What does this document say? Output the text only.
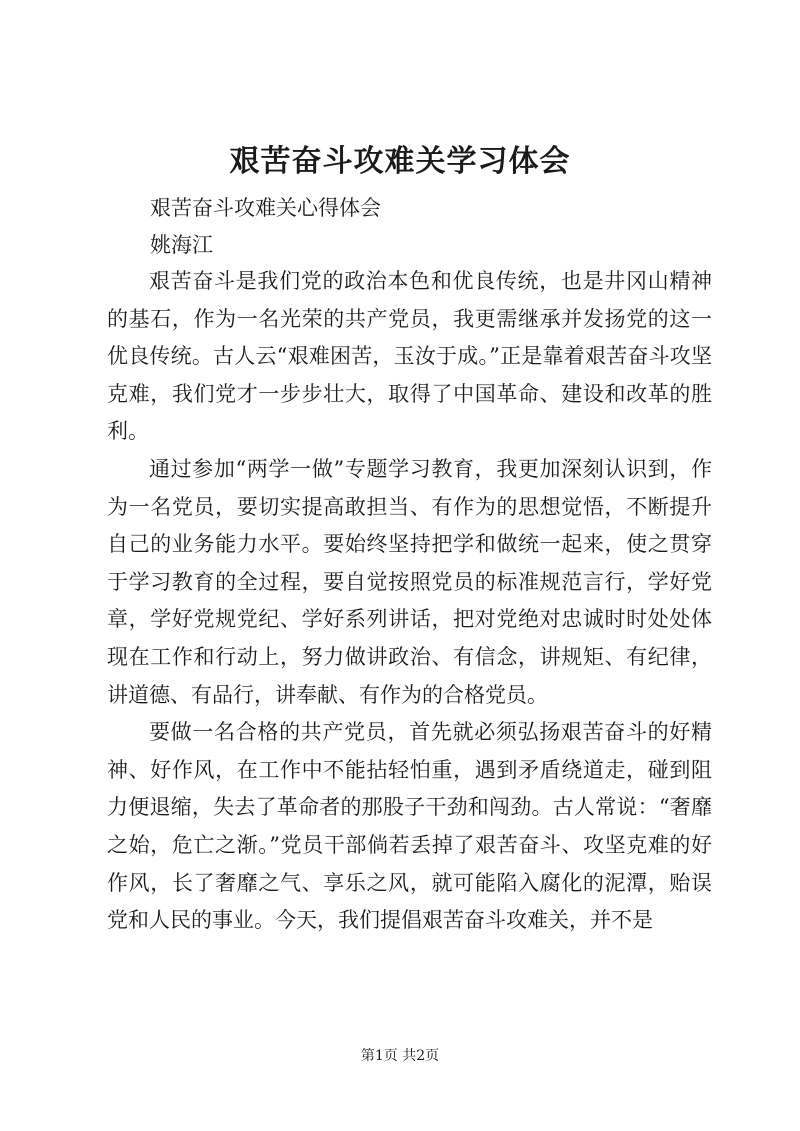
艰苦奋斗攻难关学习体会
艰苦奋斗攻难关心得体会
姚海江

艰苦奋斗是我们党的政治本色和优良传统，也是井冈山精神的基石，作为一名光荣的共产党员，我更需继承并发扬党的这一优良传统。古人云“艰难困苦，玉汝于成。”正是靠着艰苦奋斗攻坚克难，我们党才一步步壮大，取得了中国革命、建设和改革的胜利。

通过参加“两学一做”专题学习教育，我更加深刻认识到，作为一名党员，要切实提高敢担当、有作为的思想觉悟，不断提升自己的业务能力水平。要始终坚持把学和做统一起来，使之贯穿于学习教育的全过程，要自觉按照党员的标准规范言行，学好党章，学好党规党纪、学好系列讲话，把对党绝对忠诚时时处处体现在工作和行动上，努力做讲政治、有信念，讲规矩、有纪律，讲道德、有品行，讲奉献、有作为的合格党员。

要做一名合格的共产党员，首先就必须弘扬艰苦奋斗的好精神、好作风，在工作中不能拈轻怕重，遇到矛盾绕道走，碰到阻力便退缩，失去了革命者的那股子干劲和闯劲。古人常说：“奢靡之始，危亡之渐。”党员干部倘若丢掉了艰苦奋斗、攻坚克难的好作风，长了奢靡之气、享乐之风，就可能陷入腐化的泥潭，贻误党和人民的事业。今天，我们提倡艰苦奋斗攻难关，并不是

第1页 共2页
